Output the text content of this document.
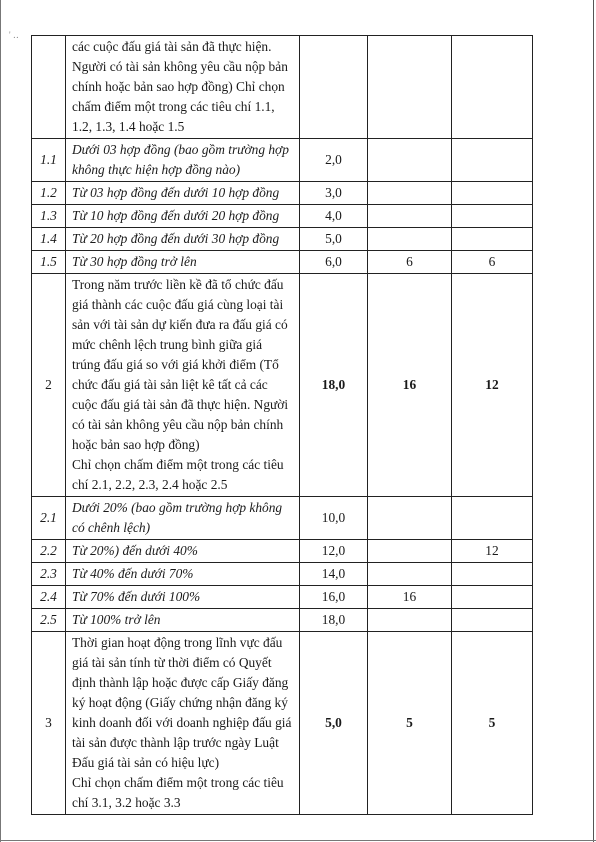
' ‥
	các cuộc đấu giá tài sản đã thực hiện.
Người có tài sản không yêu cầu nộp bản chính hoặc bản sao hợp đồng) Chỉ chọn chấm điểm một trong các tiêu chí 1.1, 1.2, 1.3, 1.4 hoặc 1.5			
1.1	Dưới 03 hợp đồng (bao gồm trường hợp không thực hiện hợp đồng nào)	2,0		
1.2	Từ 03 hợp đồng đến dưới 10 hợp đồng	3,0		
1.3	Từ 10 hợp đồng đến dưới 20 hợp đồng	4,0		
1.4	Từ 20 hợp đồng đến dưới 30 hợp đồng	5,0		
1.5	Từ 30 hợp đồng trở lên	6,0	6	6
2	Trong năm trước liền kề đã tổ chức đấu giá thành các cuộc đấu giá cùng loại tài sản với tài sản dự kiến đưa ra đấu giá có mức chênh lệch trung bình giữa giá trúng đấu giá so với giá khởi điểm (Tổ chức đấu giá tài sản liệt kê tất cả các cuộc đấu giá tài sản đã thực hiện. Người có tài sản không yêu cầu nộp bản chính hoặc bản sao hợp đồng)
Chỉ chọn chấm điểm một trong các tiêu chí 2.1, 2.2, 2.3, 2.4 hoặc 2.5	18,0	16	12
2.1	Dưới 20% (bao gồm trường hợp không có chênh lệch)	10,0		
2.2	Từ 20%) đến dưới 40%	12,0		12
2.3	Từ 40% đến dưới 70%	14,0		
2.4	Từ 70% đến dưới 100%	16,0	16	
2.5	Từ 100% trở lên	18,0		
3	Thời gian hoạt động trong lĩnh vực đấu giá tài sản tính từ thời điểm có Quyết định thành lập hoặc được cấp Giấy đăng ký hoạt động (Giấy chứng nhận đăng ký kinh doanh đối với doanh nghiệp đấu giá tài sản được thành lập trước ngày Luật Đấu giá tài sản có hiệu lực)
Chỉ chọn chấm điểm một trong các tiêu chí 3.1, 3.2 hoặc 3.3	5,0	5	5
